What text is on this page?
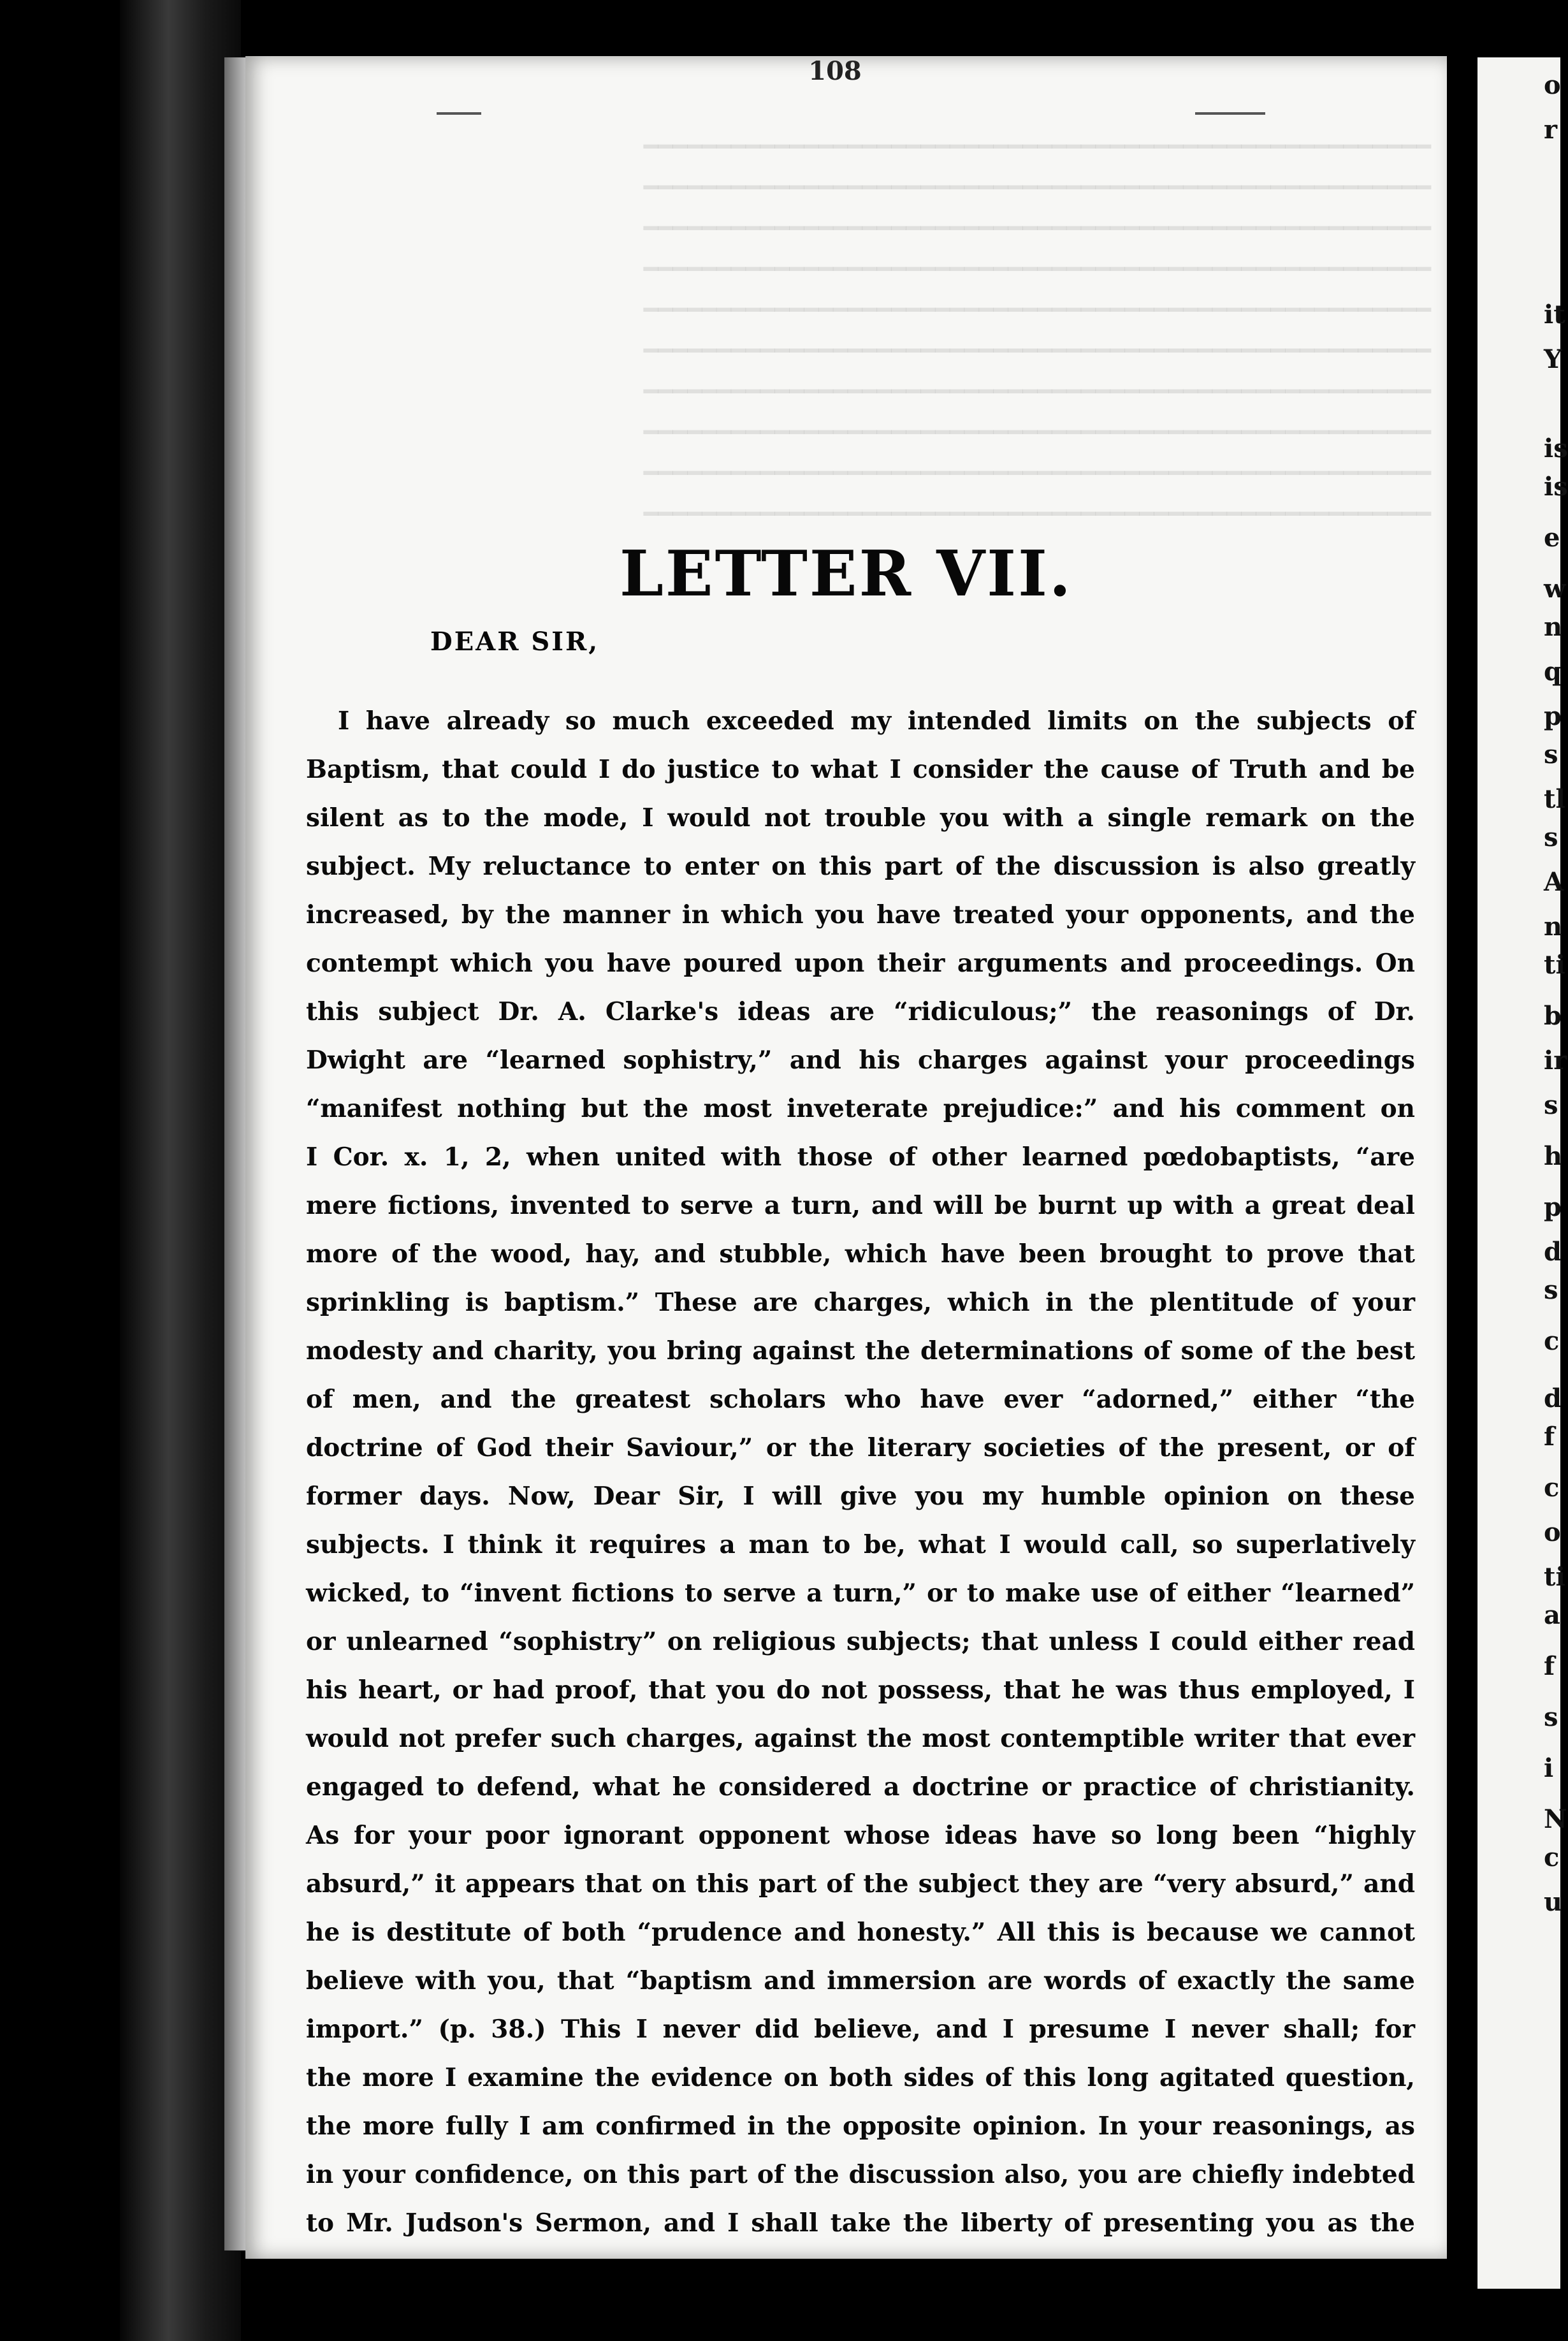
108
━━━━━━━━━━━━━━━━━━━━━━━━━━━━━━━━━━━━━━━━━━━━━━━━━━━━━━
━━━━━━━━━━━━━━━━━━━━━━━━━━━━━━━━━━━━━━━━━━━━━━━━━━━━━━
━━━━━━━━━━━━━━━━━━━━━━━━━━━━━━━━━━━━━━━━━━━━━━━━━━━━━━
━━━━━━━━━━━━━━━━━━━━━━━━━━━━━━━━━━━━━━━━━━━━━━━━━━━━━━
━━━━━━━━━━━━━━━━━━━━━━━━━━━━━━━━━━━━━━━━━━━━━━━━━━━━━━
━━━━━━━━━━━━━━━━━━━━━━━━━━━━━━━━━━━━━━━━━━━━━━━━━━━━━━
━━━━━━━━━━━━━━━━━━━━━━━━━━━━━━━━━━━━━━━━━━━━━━━━━━━━━━
━━━━━━━━━━━━━━━━━━━━━━━━━━━━━━━━━━━━━━━━━━━━━━━━━━━━━━
━━━━━━━━━━━━━━━━━━━━━━━━━━━━━━━━━━━━━━━━━━━━━━━━━━━━━━
━━━━━━━━━━━━━━━━━━━━━━━━━━━━━━━━━━━━━━━━━━━━━━━━━━━━━━
LETTER VII.
DEAR SIR,
I have already so much exceeded my intended limits on the subjects of
Baptism, that could I do justice to what I consider the cause of Truth and be
silent as to the mode, I would not trouble you with a single remark on the
subject. My reluctance to enter on this part of the discussion is also greatly
increased, by the manner in which you have treated your opponents, and the
contempt which you have poured upon their arguments and proceedings. On
this subject Dr. A. Clarke's ideas are “ridiculous;” the reasonings of Dr.
Dwight are “learned sophistry,” and his charges against your proceedings
“manifest nothing but the most inveterate prejudice:” and his comment on
I Cor. x. 1, 2, when united with those of other learned pœdobaptists, “are
mere fictions, invented to serve a turn, and will be burnt up with a great deal
more of the wood, hay, and stubble, which have been brought to prove that
sprinkling is baptism.” These are charges, which in the plentitude of your
modesty and charity, you bring against the determinations of some of the best
of men, and the greatest scholars who have ever “adorned,” either “the
doctrine of God their Saviour,” or the literary societies of the present, or of
former days. Now, Dear Sir, I will give you my humble opinion on these
subjects. I think it requires a man to be, what I would call, so superlatively
wicked, to “invent fictions to serve a turn,” or to make use of either “learned”
or unlearned “sophistry” on religious subjects; that unless I could either read
his heart, or had proof, that you do not possess, that he was thus employed, I
would not prefer such charges, against the most contemptible writer that ever
engaged to defend, what he considered a doctrine or practice of christianity.
As for your poor ignorant opponent whose ideas have so long been “highly
absurd,” it appears that on this part of the subject they are “very absurd,” and
he is destitute of both “prudence and honesty.” All this is because we cannot
believe with you, that “baptism and immersion are words of exactly the same
import.” (p. 38.) This I never did believe, and I presume I never shall; for
the more I examine the evidence on both sides of this long agitated question,
the more fully I am confirmed in the opposite opinion. In your reasonings, as
in your confidence, on this part of the discussion also, you are chiefly indebted
to Mr. Judson's Sermon, and I shall take the liberty of presenting you as the
o
r
it
Y
is
is
e
w
n
q
p
s
tl
s
A
n
ti
b
ir
s
h
p
d
s
c
d
f
c
o
ti
a
f
s
i
N
c
u
